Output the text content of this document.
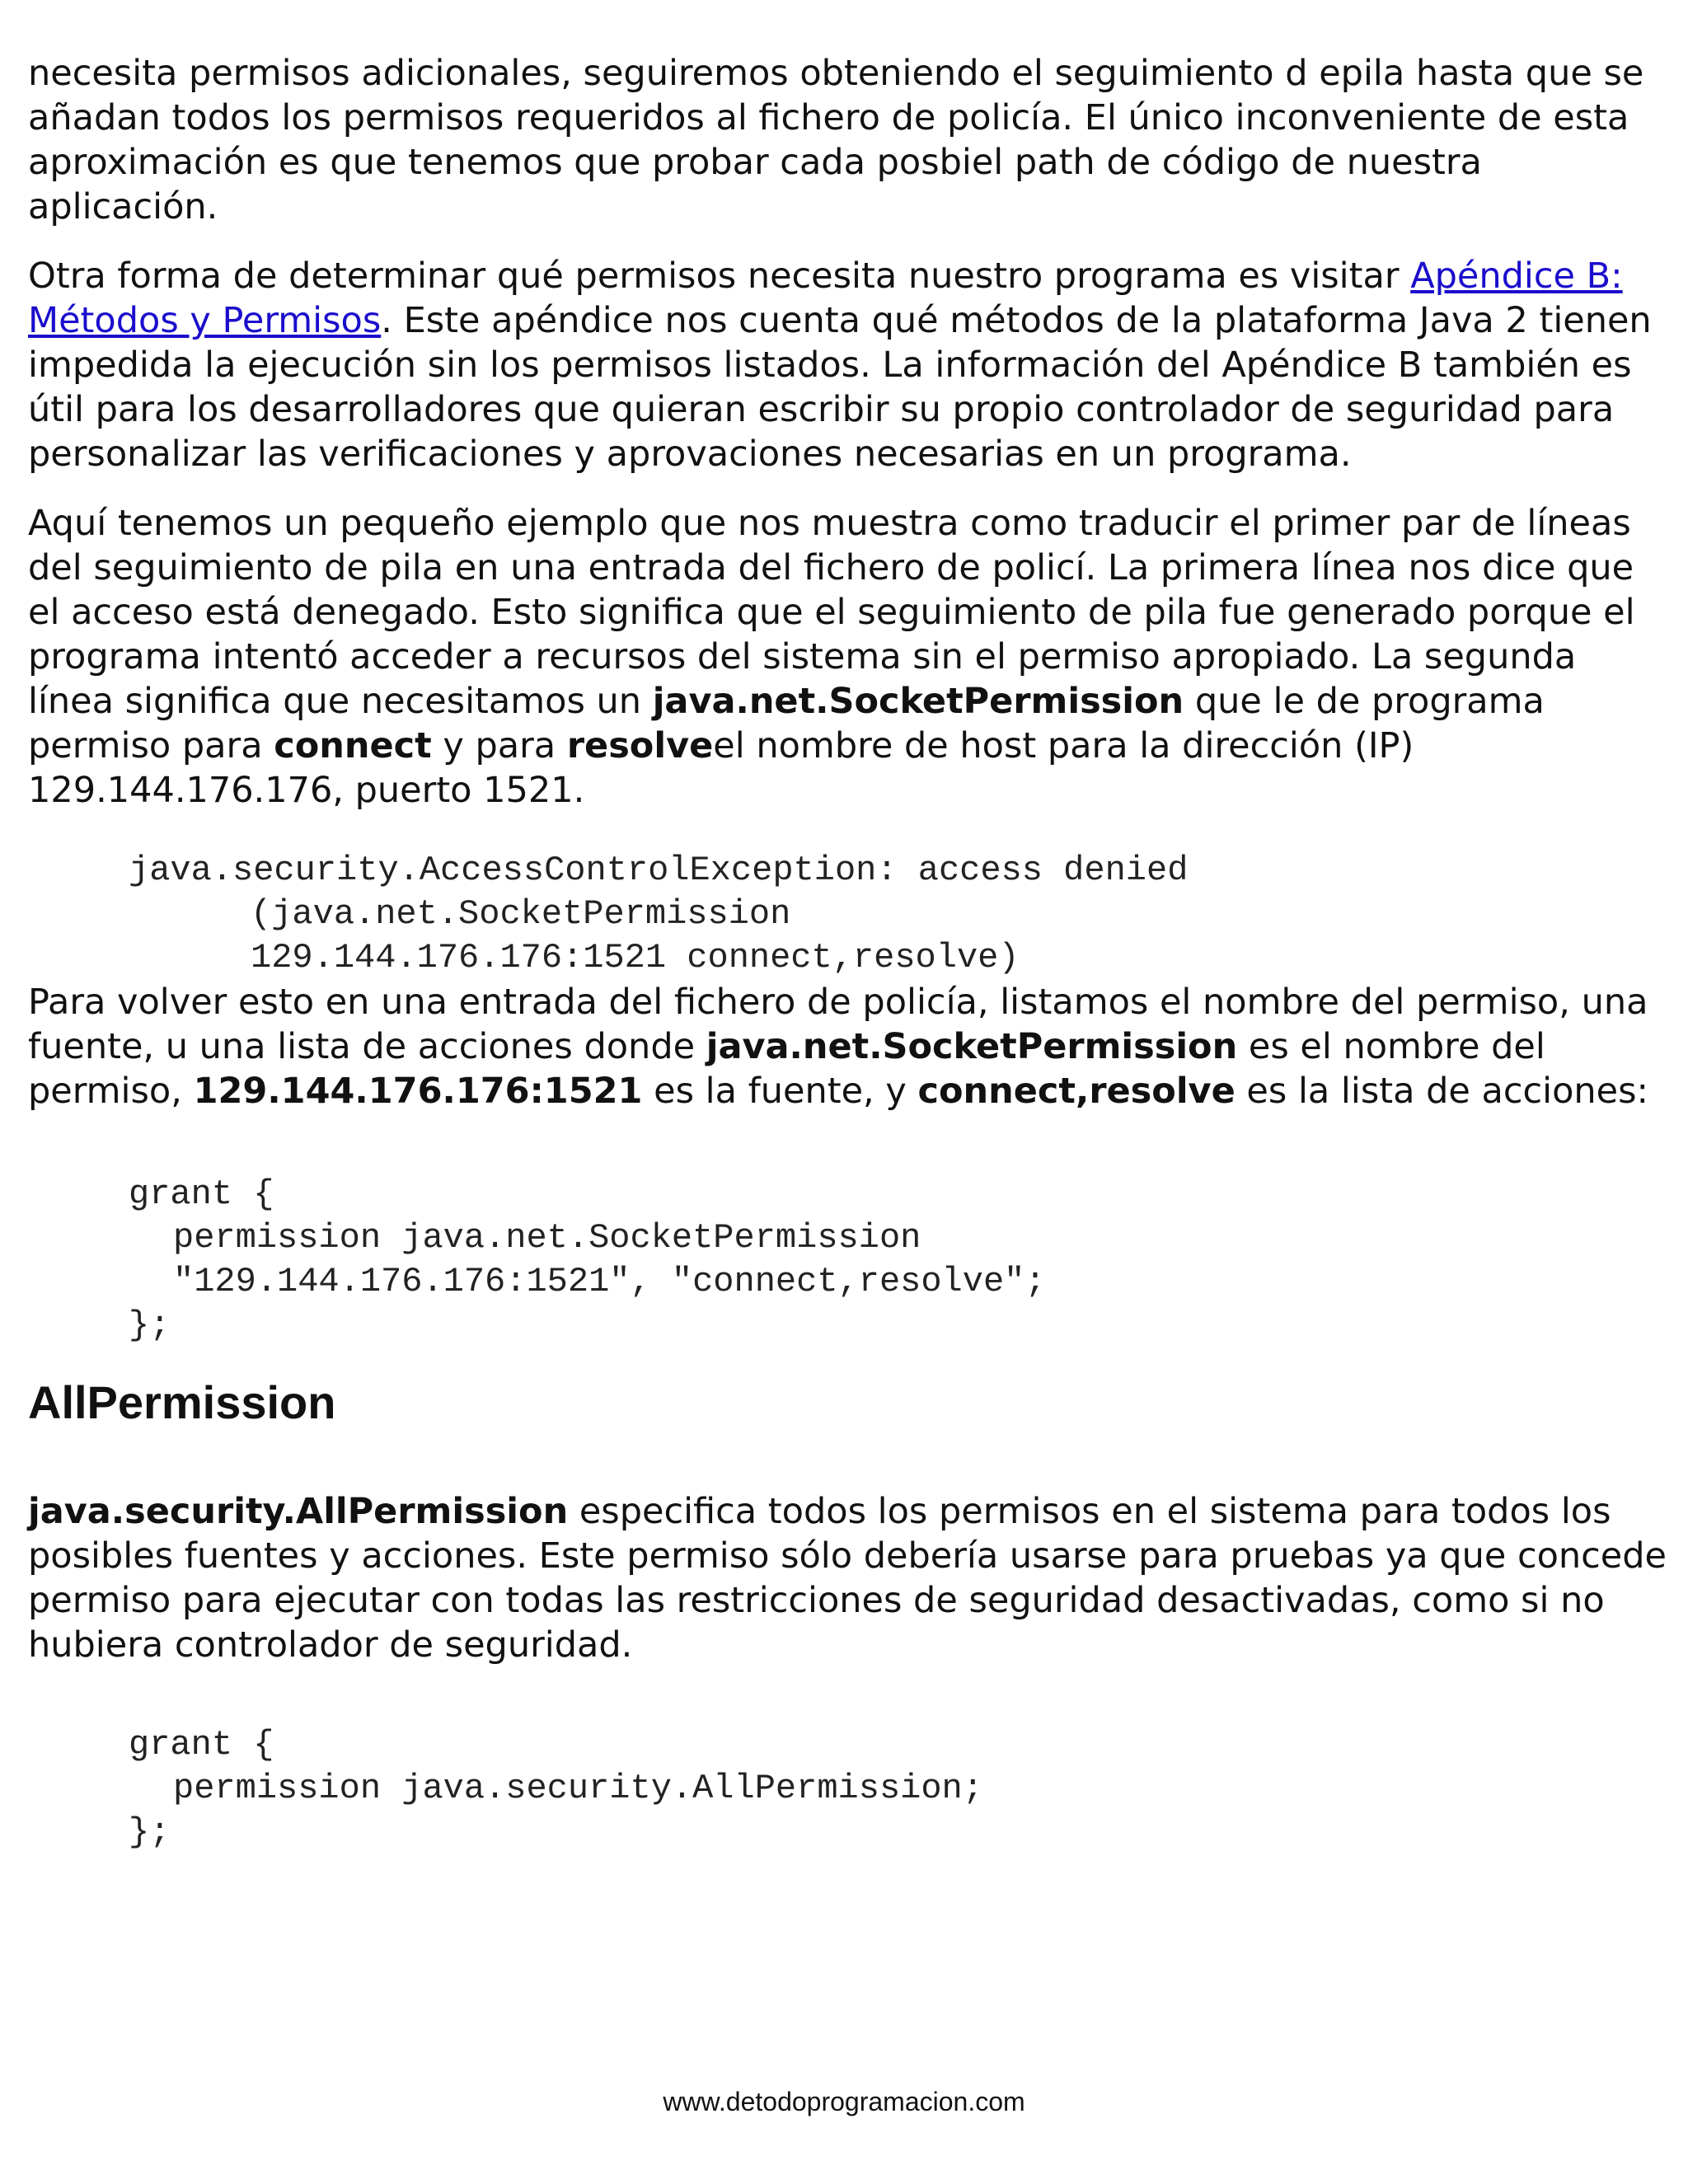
necesita permisos adicionales, seguiremos obteniendo el seguimiento d epila hasta que se añadan todos los permisos requeridos al fichero de policía. El único inconveniente de esta aproximación es que tenemos que probar cada posbiel path de código de nuestra aplicación.

Otra forma de determinar qué permisos necesita nuestro programa es visitar Apéndice B: Métodos y Permisos. Este apéndice nos cuenta qué métodos de la plataforma Java 2 tienen impedida la ejecución sin los permisos listados. La información del Apéndice B también es útil para los desarrolladores que quieran escribir su propio controlador de seguridad para personalizar las verificaciones y aprovaciones necesarias en un programa.

Aquí tenemos un pequeño ejemplo que nos muestra como traducir el primer par de líneas del seguimiento de pila en una entrada del fichero de policí. La primera línea nos dice que el acceso está denegado. Esto significa que el seguimiento de pila fue generado porque el programa intentó acceder a recursos del sistema sin el permiso apropiado. La segunda línea significa que necesitamos un java.net.SocketPermission que le de programa permiso para connect y para resolveel nombre de host para la dirección (IP) 129.144.176.176, puerto 1521.

java.security.AccessControlException: access denied
(java.net.SocketPermission
129.144.176.176:1521 connect,resolve)

Para volver esto en una entrada del fichero de policía, listamos el nombre del permiso, una fuente, u una lista de acciones donde java.net.SocketPermission es el nombre del permiso, 129.144.176.176:1521 es la fuente, y connect,resolve es la lista de acciones:

grant {
permission java.net.SocketPermission
"129.144.176.176:1521", "connect,resolve";
};
AllPermission

java.security.AllPermission especifica todos los permisos en el sistema para todos los posibles fuentes y acciones. Este permiso sólo debería usarse para pruebas ya que concede permiso para ejecutar con todas las restricciones de seguridad desactivadas, como si no hubiera controlador de seguridad.

grant {
permission java.security.AllPermission;
};
www.detodoprogramacion.com
